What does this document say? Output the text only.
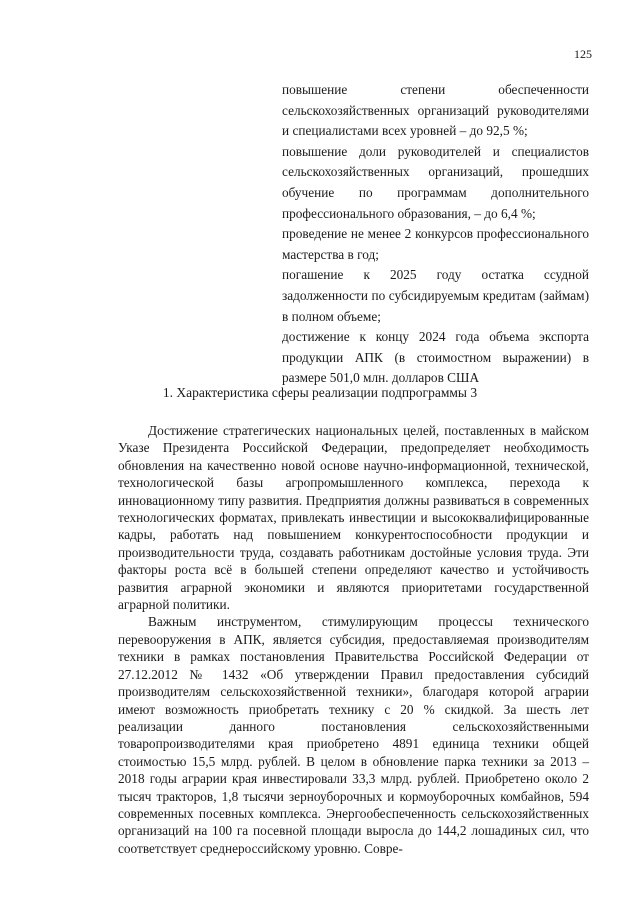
125

повышение степени обеспеченности сельскохозяйственных организаций руководителями и специалистами всех уровней – до 92,5 %;

повышение доли руководителей и специалистов сельскохозяйственных организаций, прошедших обучение по программам дополнительного профессионального образования, – до 6,4 %;

проведение не менее 2 конкурсов профессионального мастерства в год;

погашение к 2025 году остатка ссудной задолженности по субсидируемым кредитам (займам) в полном объеме;

достижение к концу 2024 года объема экспорта продукции АПК (в стоимостном выражении) в размере 501,0 млн. долларов США

1. Характеристика сферы реализации подпрограммы 3

Достижение стратегических национальных целей, поставленных в майском Указе Президента Российской Федерации, предопределяет необходимость обновления на качественно новой основе научно-информационной, технической, технологической базы агропромышленного комплекса, перехода к инновационному типу развития. Предприятия должны развиваться в современных технологических форматах, привлекать инвестиции и высококвалифицированные кадры, работать над повышением конкурентоспособности продукции и производительности труда, создавать работникам достойные условия труда. Эти факторы роста всё в большей степени определяют качество и устойчивость развития аграрной экономики и являются приоритетами государственной аграрной политики.

Важным инструментом, стимулирующим процессы технического перевооружения в АПК, является субсидия, предоставляемая производителям техники в рамках постановления Правительства Российской Федерации от 27.12.2012 № 1432 «Об утверждении Правил предоставления субсидий производителям сельскохозяйственной техники», благодаря которой аграрии имеют возможность приобретать технику с 20 % скидкой. За шесть лет реализации данного постановления сельскохозяйственными товаропроизводителями края приобретено 4891 единица техники общей стоимостью 15,5 млрд. рублей. В целом в обновление парка техники за 2013 – 2018 годы аграрии края инвестировали 33,3 млрд. рублей. Приобретено около 2 тысяч тракторов, 1,8 тысячи зерноуборочных и кормоуборочных комбайнов, 594 современных посевных комплекса. Энергообеспеченность сельскохозяйственных организаций на 100 га посевной площади выросла до 144,2 лошадиных сил, что соответствует среднероссийскому уровню. Совре-
